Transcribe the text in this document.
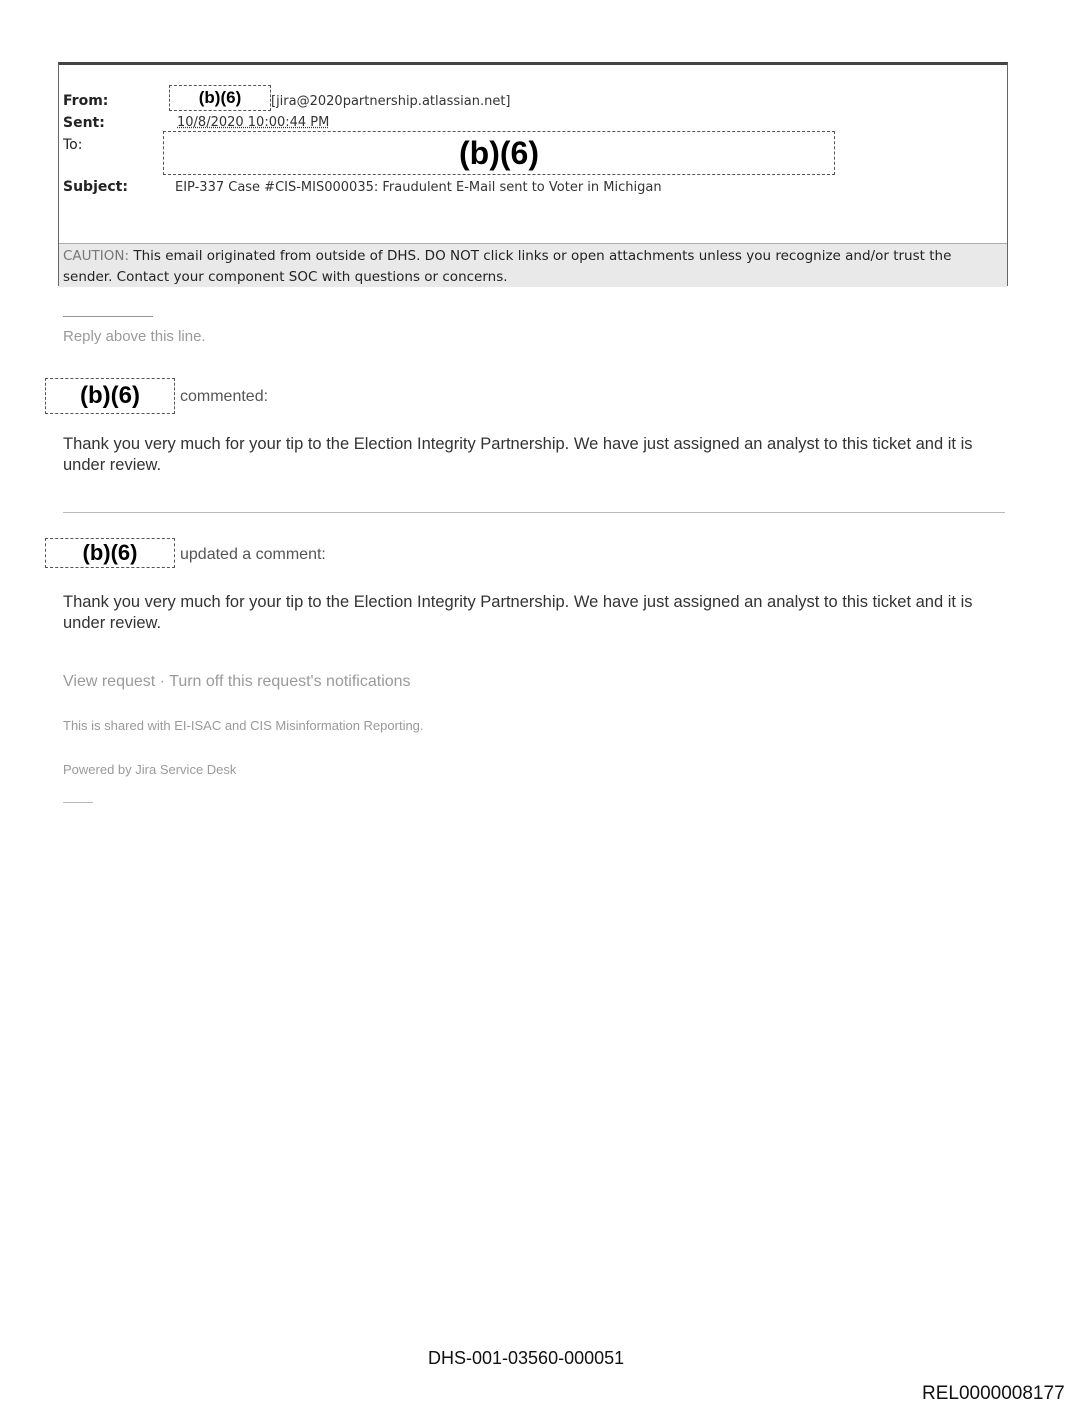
From:	(b)(6)	[jira@2020partnership.atlassian.net]
Sent:	10/8/2020 10:00:44 PM
To:	(b)(6)
Subject:	EIP-337 Case #CIS-MIS000035: Fraudulent E-Mail sent to Voter in Michigan
CAUTION: This email originated from outside of DHS. DO NOT click links or open attachments unless you recognize and/or trust the sender. Contact your component SOC with questions or concerns.
Reply above this line.
(b)(6)	commented:
Thank you very much for your tip to the Election Integrity Partnership. We have just assigned an analyst to this ticket and it is under review.
(b)(6)	updated a comment:
Thank you very much for your tip to the Election Integrity Partnership. We have just assigned an analyst to this ticket and it is under review.
View request · Turn off this request's notifications
This is shared with EI-ISAC and CIS Misinformation Reporting.
Powered by Jira Service Desk
DHS-001-03560-000051
REL0000008177
